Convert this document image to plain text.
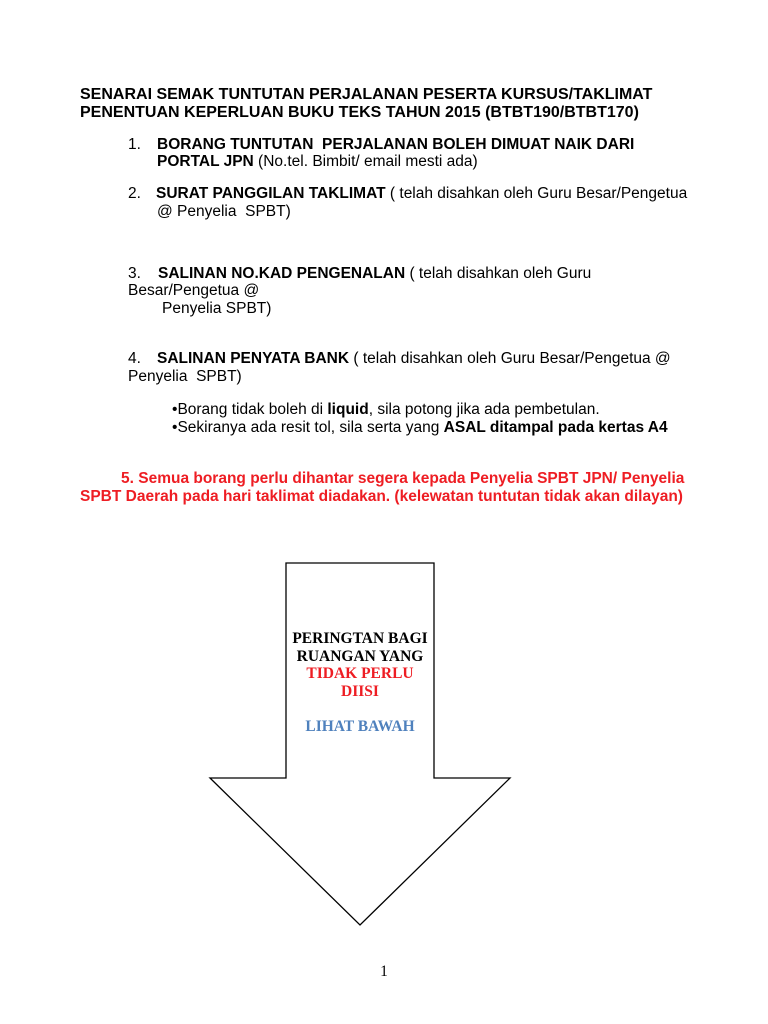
SENARAI SEMAK TUNTUTAN PERJALANAN PESERTA KURSUS/TAKLIMAT
PENENTUAN KEPERLUAN BUKU TEKS TAHUN 2015 (BTBT190/BTBT170)
1. BORANG TUNTUTAN  PERJALANAN BOLEH DIMUAT NAIK DARI
PORTAL JPN (No.tel. Bimbit/ email mesti ada)
2. SURAT PANGGILAN TAKLIMAT ( telah disahkan oleh Guru Besar/Pengetua
@ Penyelia  SPBT)
3. SALINAN NO.KAD PENGENALAN ( telah disahkan oleh Guru
Besar/Pengetua @
Penyelia SPBT)
4. SALINAN PENYATA BANK ( telah disahkan oleh Guru Besar/Pengetua @
Penyelia  SPBT)
• Borang tidak boleh di liquid, sila potong jika ada pembetulan.
• Sekiranya ada resit tol, sila serta yang ASAL ditampal pada kertas A4
5. Semua borang perlu dihantar segera kepada Penyelia SPBT JPN/ Penyelia
SPBT Daerah pada hari taklimat diadakan. (kelewatan tuntutan tidak akan dilayan)
PERINGTAN BAGI
RUANGAN YANG
TIDAK PERLU
DIISI
LIHAT BAWAH
1
